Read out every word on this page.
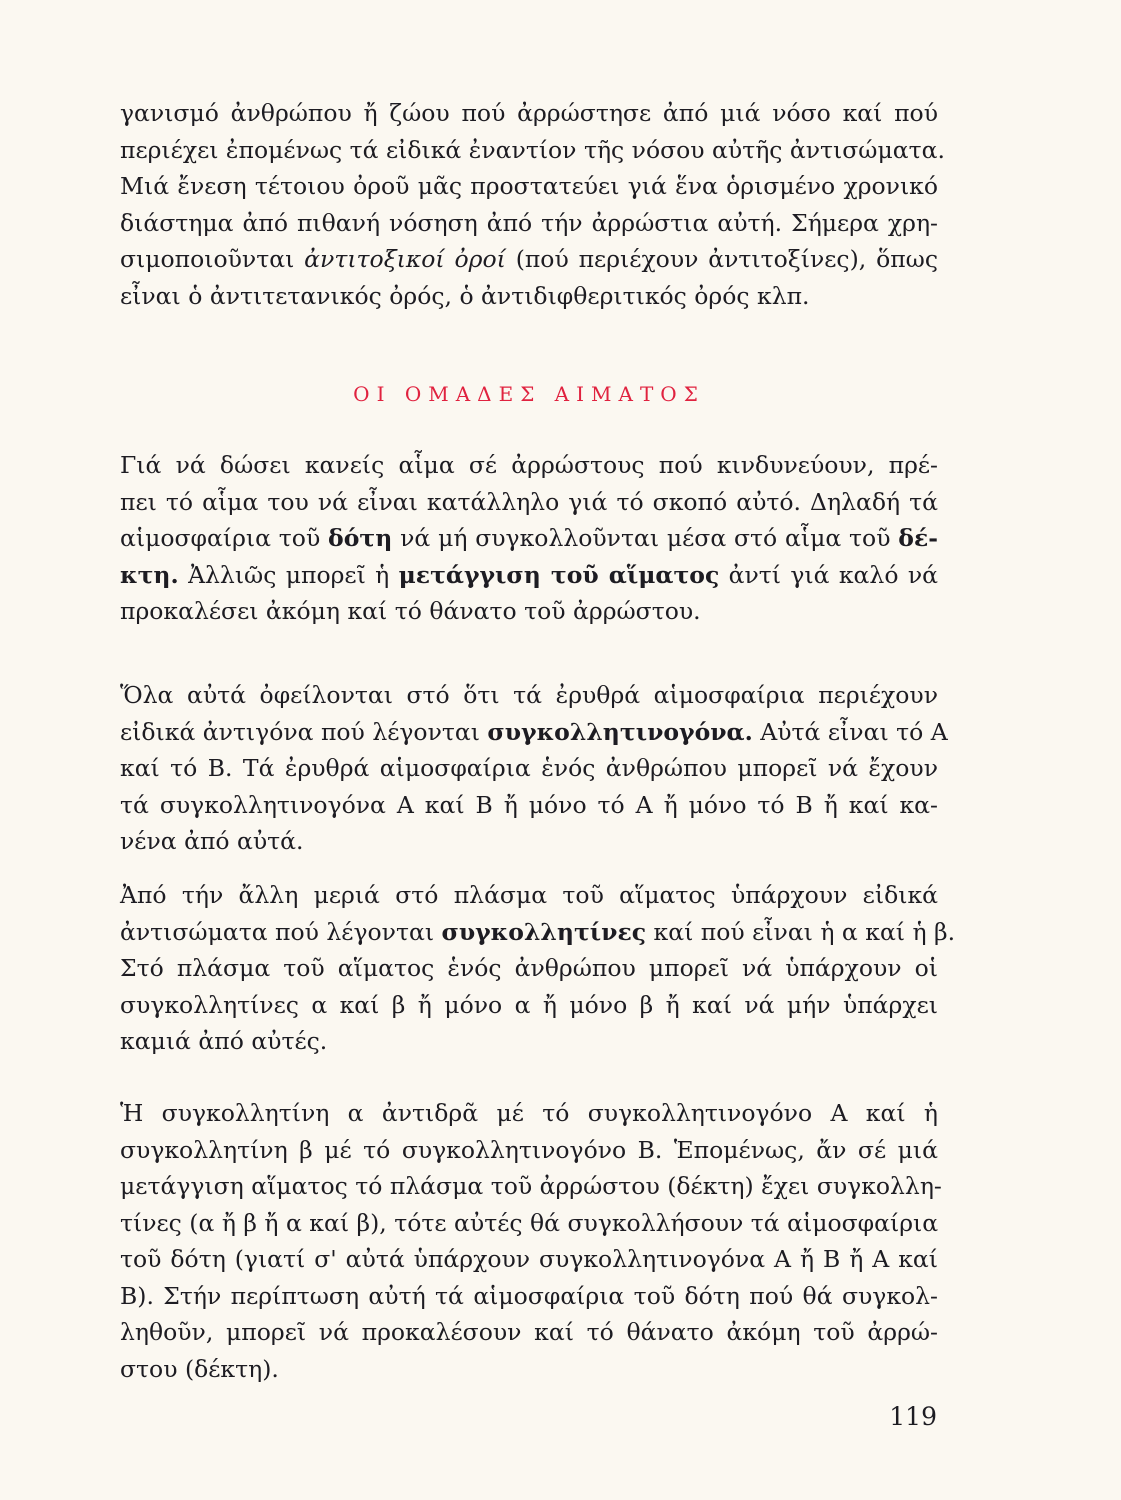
γανισμό ἀνθρώπου ἤ ζώου πού ἀρρώστησε ἀπό μιά νόσο καί πού
περιέχει ἐπομένως τά εἰδικά ἐναντίον τῆς νόσου αὐτῆς ἀντισώματα.
Μιά ἔνεση τέτοιου ὀροῦ μᾶς προστατεύει γιά ἕνα ὁρισμένο χρονικό
διάστημα ἀπό πιθανή νόσηση ἀπό τήν ἀρρώστια αὐτή. Σήμερα χρη-
σιμοποιοῦνται ἀντιτοξικοί ὀροί (πού περιέχουν ἀντιτοξίνες), ὅπως
εἶναι ὁ ἀντιτετανικός ὀρός, ὁ ἀντιδιφθεριτικός ὀρός κλπ.
ΟΙ ΟΜΑΔΕΣ ΑΙΜΑΤΟΣ
Γιά νά δώσει κανείς αἷμα σέ ἀρρώστους πού κινδυνεύουν, πρέ-
πει τό αἷμα του νά εἶναι κατάλληλο γιά τό σκοπό αὐτό. Δηλαδή τά
αἱμοσφαίρια τοῦ δότη νά μή συγκολλοῦνται μέσα στό αἷμα τοῦ δέ-
κτη. Ἀλλιῶς μπορεῖ ἡ μετάγγιση τοῦ αἵματος ἀντί γιά καλό νά
προκαλέσει ἀκόμη καί τό θάνατο τοῦ ἀρρώστου.
Ὅλα αὐτά ὀφείλονται στό ὅτι τά ἐρυθρά αἱμοσφαίρια περιέχουν
εἰδικά ἀντιγόνα πού λέγονται συγκολλητινογόνα. Αὐτά εἶναι τό Α
καί τό Β. Τά ἐρυθρά αἱμοσφαίρια ἑνός ἀνθρώπου μπορεῖ νά ἔχουν
τά συγκολλητινογόνα Α καί Β ἤ μόνο τό Α ἤ μόνο τό Β ἤ καί κα-
νένα ἀπό αὐτά.
Ἀπό τήν ἄλλη μεριά στό πλάσμα τοῦ αἵματος ὑπάρχουν εἰδικά
ἀντισώματα πού λέγονται συγκολλητίνες καί πού εἶναι ἡ α καί ἡ β.
Στό πλάσμα τοῦ αἵματος ἑνός ἀνθρώπου μπορεῖ νά ὑπάρχουν οἱ
συγκολλητίνες α καί β ἤ μόνο α ἤ μόνο β ἤ καί νά μήν ὑπάρχει
καμιά ἀπό αὐτές.
Ἡ συγκολλητίνη α ἀντιδρᾶ μέ τό συγκολλητινογόνο Α καί ἡ
συγκολλητίνη β μέ τό συγκολλητινογόνο Β. Ἑπομένως, ἄν σέ μιά
μετάγγιση αἵματος τό πλάσμα τοῦ ἀρρώστου (δέκτη) ἔχει συγκολλη-
τίνες (α ἤ β ἤ α καί β), τότε αὐτές θά συγκολλήσουν τά αἱμοσφαίρια
τοῦ δότη (γιατί σ' αὐτά ὑπάρχουν συγκολλητινογόνα Α ἤ Β ἤ Α καί
Β). Στήν περίπτωση αὐτή τά αἱμοσφαίρια τοῦ δότη πού θά συγκολ-
ληθοῦν, μπορεῖ νά προκαλέσουν καί τό θάνατο ἀκόμη τοῦ ἀρρώ-
στου (δέκτη).

119
